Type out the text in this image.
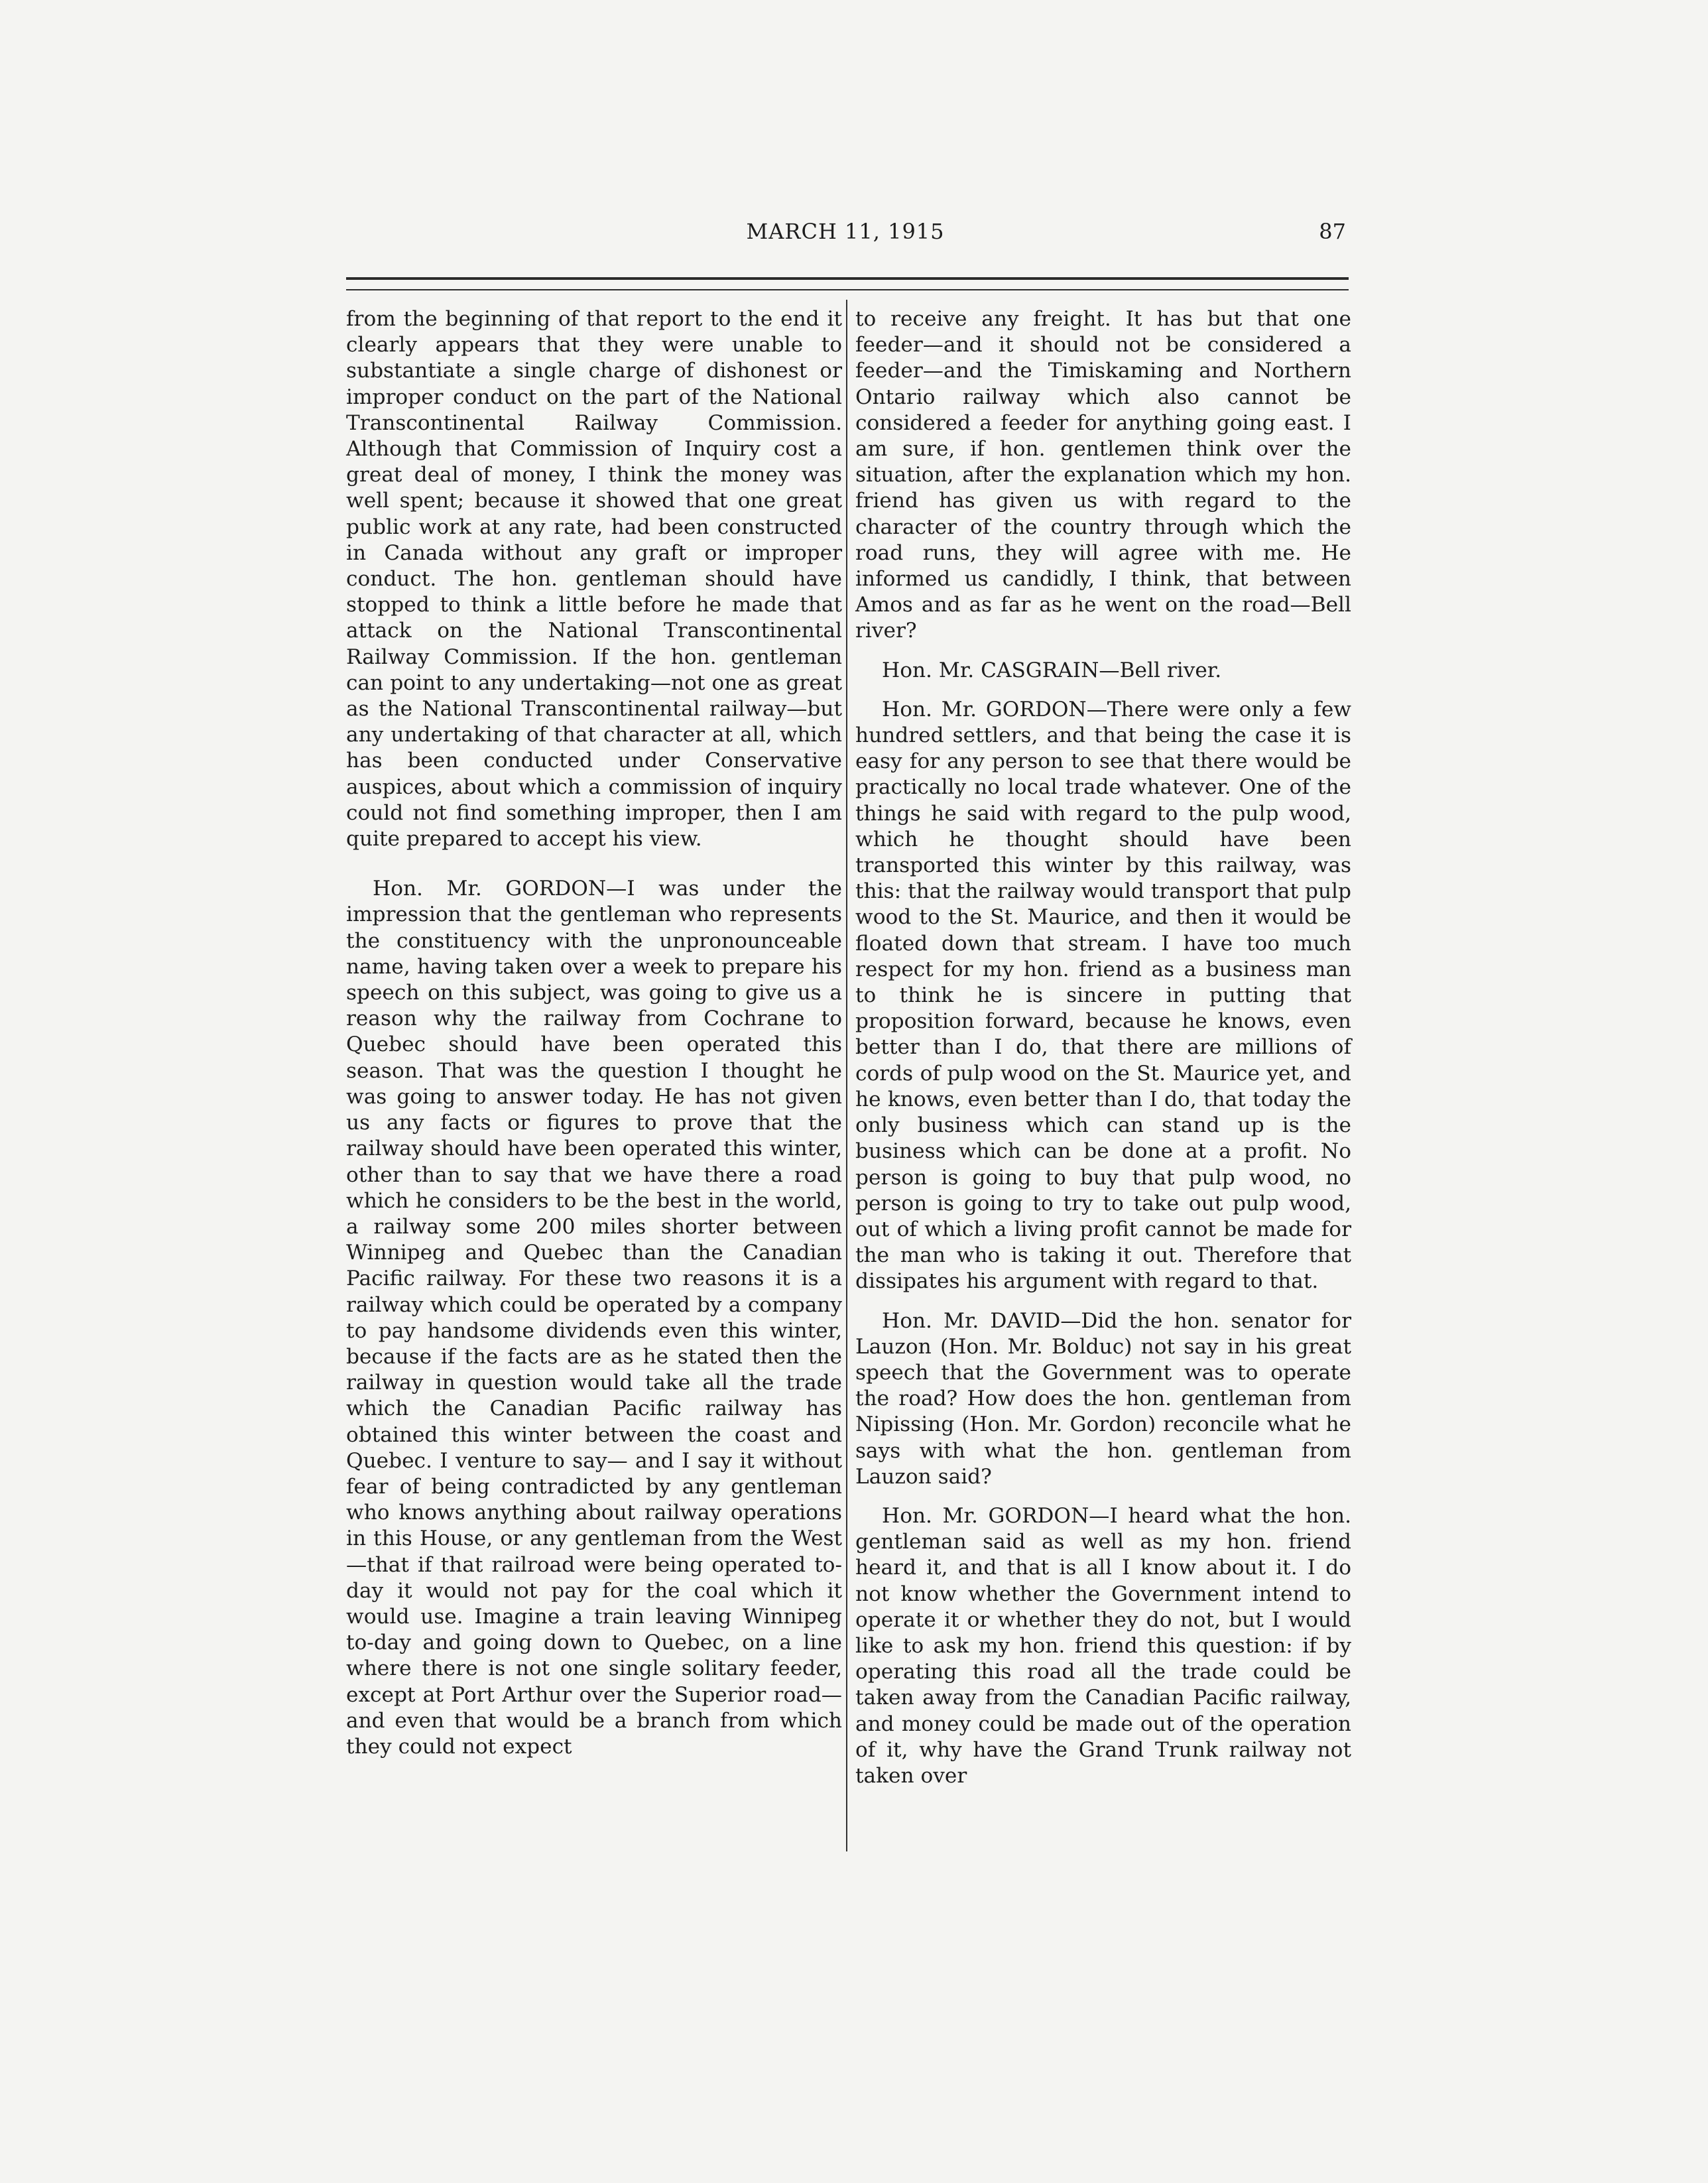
MARCH 11, 1915	87

from the beginning of that report to the end it clearly appears that they were unable to substantiate a single charge of dishonest or improper conduct on the part of the National Transcontinental Railway Commission. Although that Commission of Inquiry cost a great deal of money, I think the money was well spent; because it showed that one great public work at any rate, had been constructed in Canada without any graft or improper conduct. The hon. gentleman should have stopped to think a little before he made that attack on the National Transcontinental Railway Commission. If the hon. gentleman can point to any undertaking—not one as great as the National Transcontinental railway—but any undertaking of that character at all, which has been conducted under Conservative auspices, about which a commission of inquiry could not find something improper, then I am quite prepared to accept his view.

Hon. Mr. GORDON—I was under the impression that the gentleman who represents the constituency with the unpronounceable name, having taken over a week to prepare his speech on this subject, was going to give us a reason why the railway from Cochrane to Quebec should have been operated this season. That was the question I thought he was going to answer today. He has not given us any facts or figures to prove that the railway should have been operated this winter, other than to say that we have there a road which he considers to be the best in the world, a railway some 200 miles shorter between Winnipeg and Quebec than the Canadian Pacific railway. For these two reasons it is a railway which could be operated by a company to pay handsome dividends even this winter, because if the facts are as he stated then the railway in question would take all the trade which the Canadian Pacific railway has obtained this winter between the coast and Quebec. I venture to say— and I say it without fear of being contradicted by any gentleman who knows anything about railway operations in this House, or any gentleman from the West—that if that railroad were being operated to-day it would not pay for the coal which it would use. Imagine a train leaving Winnipeg to-day and going down to Quebec, on a line where there is not one single solitary feeder, except at Port Arthur over the Superior road—and even that would be a branch from which they could not expect

to receive any freight. It has but that one feeder—and it should not be considered a feeder—and the Timiskaming and Northern Ontario railway which also cannot be considered a feeder for anything going east. I am sure, if hon. gentlemen think over the situation, after the explanation which my hon. friend has given us with regard to the character of the country through which the road runs, they will agree with me. He informed us candidly, I think, that between Amos and as far as he went on the road—Bell river?

Hon. Mr. CASGRAIN—Bell river.

Hon. Mr. GORDON—There were only a few hundred settlers, and that being the case it is easy for any person to see that there would be practically no local trade whatever. One of the things he said with regard to the pulp wood, which he thought should have been transported this winter by this railway, was this: that the railway would transport that pulp wood to the St. Maurice, and then it would be floated down that stream. I have too much respect for my hon. friend as a business man to think he is sincere in putting that proposition forward, because he knows, even better than I do, that there are millions of cords of pulp wood on the St. Maurice yet, and he knows, even better than I do, that today the only business which can stand up is the business which can be done at a profit. No person is going to buy that pulp wood, no person is going to try to take out pulp wood, out of which a living profit cannot be made for the man who is taking it out. Therefore that dissipates his argument with regard to that.

Hon. Mr. DAVID—Did the hon. senator for Lauzon (Hon. Mr. Bolduc) not say in his great speech that the Government was to operate the road? How does the hon. gentleman from Nipissing (Hon. Mr. Gordon) reconcile what he says with what the hon. gentleman from Lauzon said?

Hon. Mr. GORDON—I heard what the hon. gentleman said as well as my hon. friend heard it, and that is all I know about it. I do not know whether the Government intend to operate it or whether they do not, but I would like to ask my hon. friend this question: if by operating this road all the trade could be taken away from the Canadian Pacific railway, and money could be made out of the operation of it, why have the Grand Trunk railway not taken over
